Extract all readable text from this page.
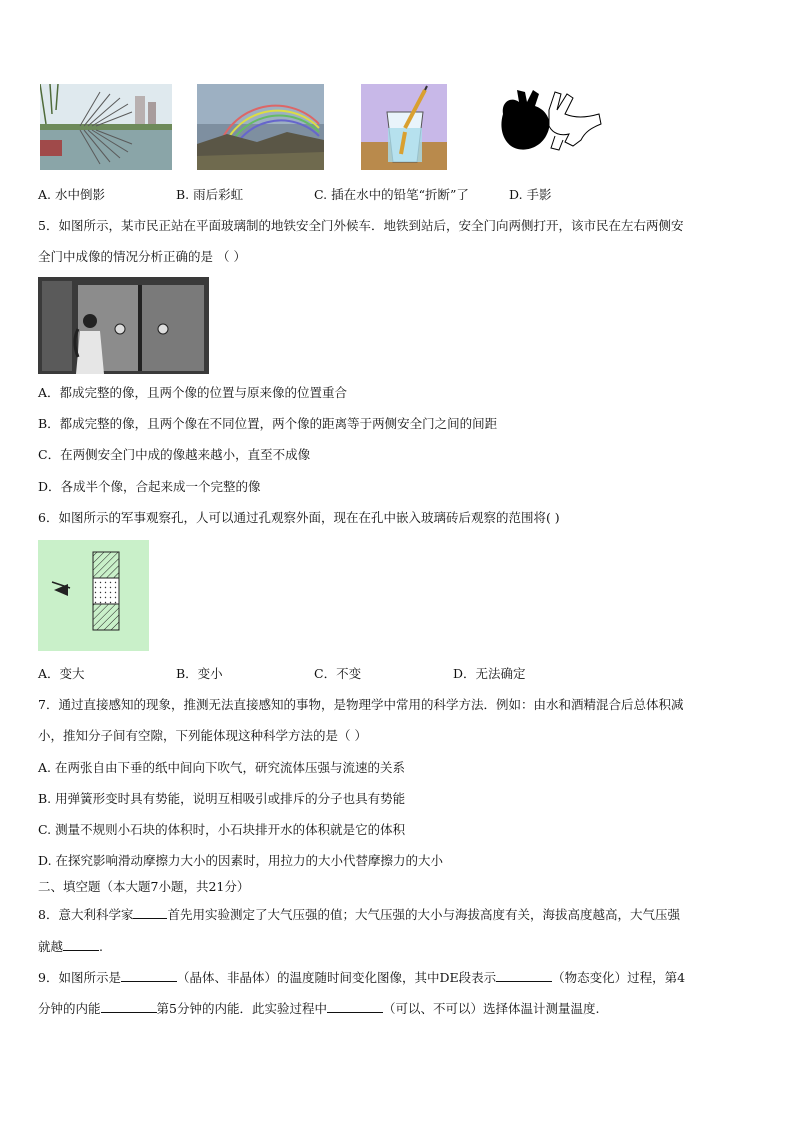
A. 水中倒影	B. 雨后彩虹	C. 插在水中的铅笔“折断”了	D. 手影
5．如图所示，某市民正站在平面玻璃制的地铁安全门外候车．地铁到站后，安全门向两侧打开，该市民在左右两侧安
全门中成像的情况分析正确的是 （ ）
A．都成完整的像，且两个像的位置与原来像的位置重合
B．都成完整的像，且两个像在不同位置，两个像的距离等于两侧安全门之间的间距
C．在两侧安全门中成的像越来越小，直至不成像
D．各成半个像，合起来成一个完整的像
6．如图所示的军事观察孔，人可以通过孔观察外面，现在在孔中嵌入玻璃砖后观察的范围将( )
A．变大	B．变小	C．不变	D．无法确定
7．通过直接感知的现象，推测无法直接感知的事物，是物理学中常用的科学方法．例如：由水和酒精混合后总体积减
小，推知分子间有空隙，下列能体现这种科学方法的是（ ）
A. 在两张自由下垂的纸中间向下吹气，研究流体压强与流速的关系
B. 用弹簧形变时具有势能，说明互相吸引或排斥的分子也具有势能
C. 测量不规则小石块的体积时，小石块排开水的体积就是它的体积
D. 在探究影响滑动摩擦力大小的因素时，用拉力的大小代替摩擦力的大小
二、填空题（本大题7小题，共21分）
8．意大利科学家	首先用实验测定了大气压强的值；大气压强的大小与海拔高度有关，海拔高度越高，大气压强
就越	.
9．如图所示是	（晶体、非晶体）的温度随时间变化图像，其中DE段表示	（物态变化）过程，第4
分钟的内能	第5分钟的内能．此实验过程中	（可以、不可以）选择体温计测量温度.
